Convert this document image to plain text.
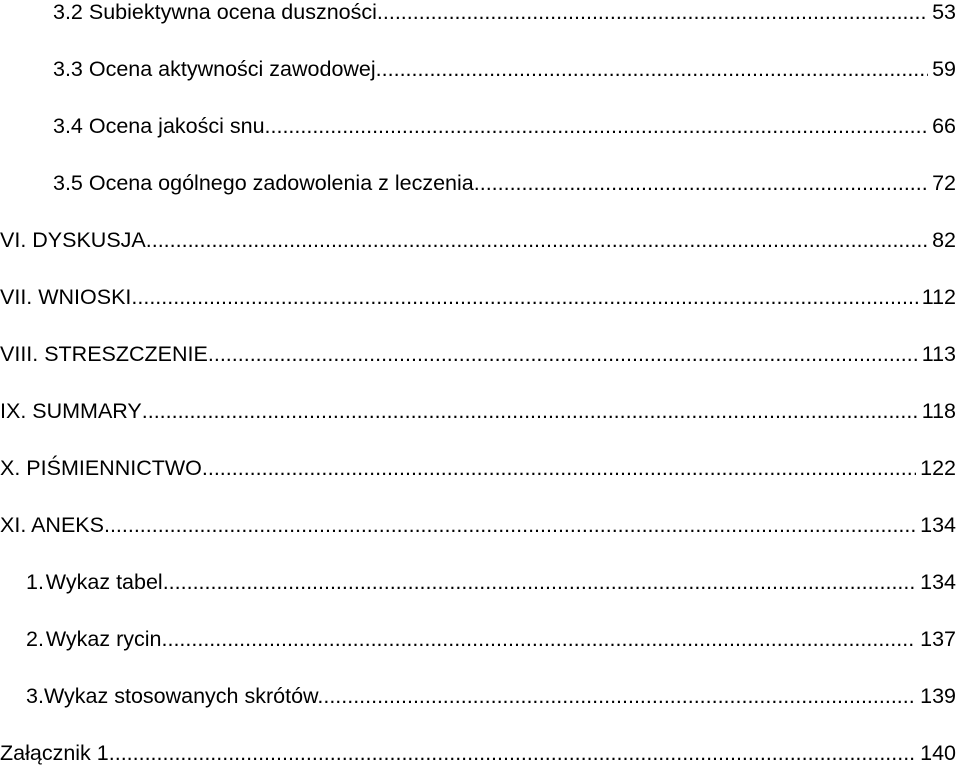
3.2 Subiektywna ocena duszności. .....	53
3.3 Ocena aktywności zawodowej. .....	59
3.4 Ocena jakości snu. .....	66
3.5 Ocena ogólnego zadowolenia z leczenia. .....	72
VI. DYSKUSJA .....	82
VII. WNIOSKI .....	112
VIII. STRESZCZENIE .....	113
IX. SUMMARY .....	118
X. PIŚMIENNICTWO .....	122
XI. ANEKS .....	134
1. Wykaz tabel .....	134
2. Wykaz rycin .....	137
3. Wykaz stosowanych skrótów. .....	139
Załącznik 1. .....	140
